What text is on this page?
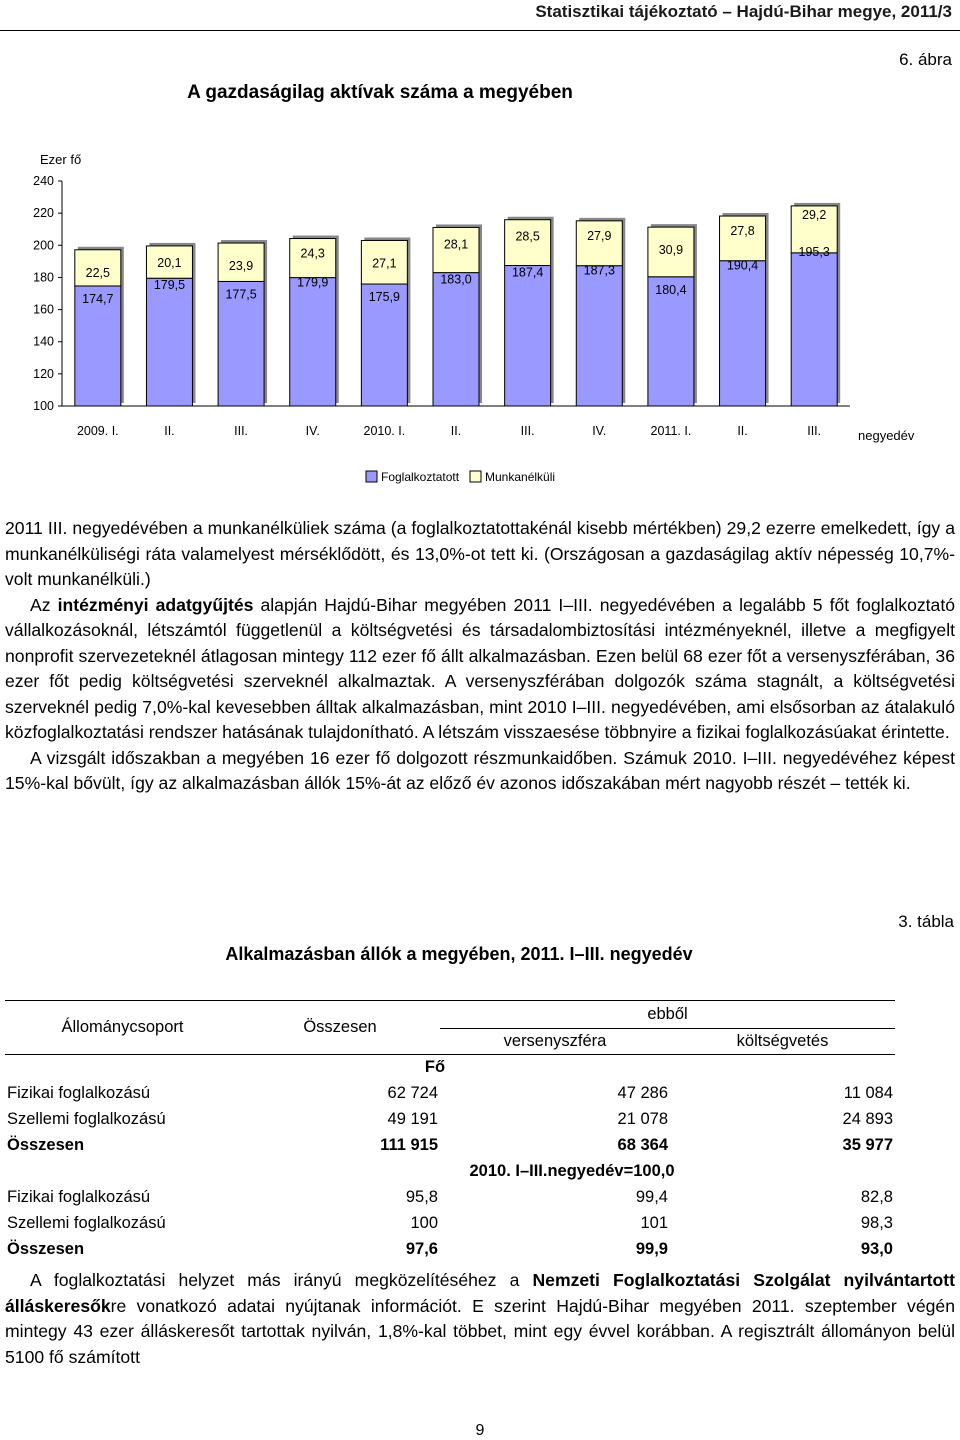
Statisztikai tájékoztató – Hajdú-Bihar megye, 2011/3
6. ábra
A gazdaságilag aktívak száma a megyében
Ezer fő
100
120
140
160
180
200
220
240
174,7
22,5
179,5
20,1
177,5
23,9
179,9
24,3
175,9
27,1
183,0
28,1
187,4
28,5
187,3
27,9
180,4
30,9
190,4
27,8
195,3
29,2
2009. I.	II.	III.	IV.	2010. I.	II.	III.	IV.	2011. I.	II.	III.	negyedév
Foglalkoztatott Munkanélküli

2011 III. negyedévében a munkanélküliek száma (a foglalkoztatottakénál kisebb mértékben) 29,2 ezerre emelkedett, így a munkanélküliségi ráta valamelyest mérséklődött, és 13,0%-ot tett ki. (Országosan a gazdaságilag aktív népesség 10,7%-volt munkanélküli.)

Az intézményi adatgyűjtés alapján Hajdú-Bihar megyében 2011 I–III. negyedévében a legalább 5 főt foglalkoztató vállalkozásoknál, létszámtól függetlenül a költségvetési és társadalombiztosítási intézményeknél, illetve a megfigyelt nonprofit szervezeteknél átlagosan mintegy 112 ezer fő állt alkalmazásban. Ezen belül 68 ezer főt a versenyszférában, 36 ezer főt pedig költségvetési szerveknél alkalmaztak. A versenyszférában dolgozók száma stagnált, a költségvetési szerveknél pedig 7,0%-kal kevesebben álltak alkalmazásban, mint 2010 I–III. negyedévében, ami elsősorban az átalakuló közfoglalkoztatási rendszer hatásának tulajdonítható. A létszám visszaesése többnyire a fizikai foglalkozásúakat érintette.

A vizsgált időszakban a megyében 16 ezer fő dolgozott részmunkaidőben. Számuk 2010. I–III. negyedévéhez képest 15%-kal bővült, így az alkalmazásban állók 15%-át az előző év azonos időszakában mért nagyobb részét – tették ki.

3. tábla
Alkalmazásban állók a megyében, 2011. I–III. negyedév
Állománycsoport	Összesen	ebből	
		versenyszféra	költségvetés
Fő			
Fizikai foglalkozású	62 724	47 286	11 084
Szellemi foglalkozású	49 191	21 078	24 893
Összesen	111 915	68 364	35 977
2010. I–III.negyedév=100,0			
Fizikai foglalkozású	95,8	99,4	82,8
Szellemi foglalkozású	100	101	98,3
Összesen	97,6	99,9	93,0

A foglalkoztatási helyzet más irányú megközelítéséhez a Nemzeti Foglalkoztatási Szolgálat nyilvántartott álláskeresőkre vonatkozó adatai nyújtanak információt. E szerint Hajdú-Bihar megyében 2011. szeptember végén mintegy 43 ezer álláskeresőt tartottak nyilván, 1,8%-kal többet, mint egy évvel korábban. A regisztrált állományon belül 5100 fő számított

9
